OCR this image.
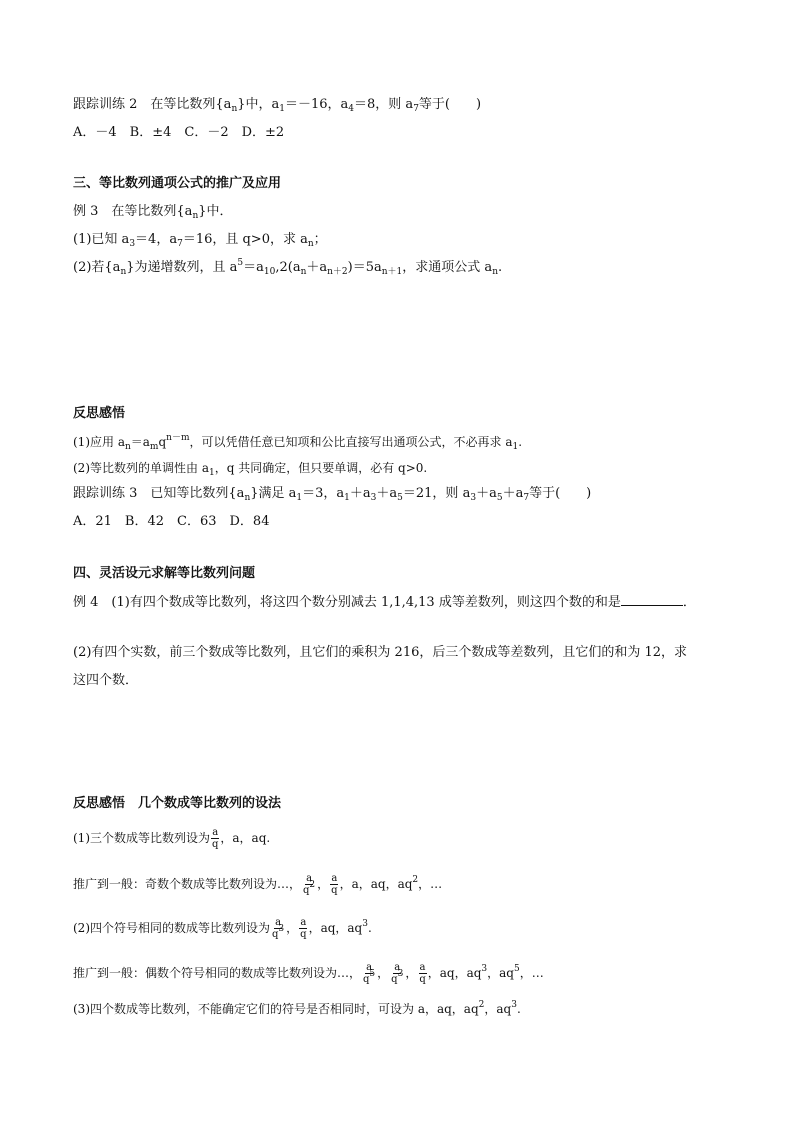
跟踪训练 2　在等比数列$\{a_n\}$中，$a_1=-16$，$a_4=8$，则 $a_7$等于(　　)
A．－4　B．±4　C．－2　D．±2
三、等比数列通项公式的推广及应用
例 3　在等比数列$\{a_n\}$中．
(1)已知 $a_3=4$，$a_7=16$，且 q>0，求 $a_n$；
(2)若$\{a_n\}$为递增数列，且 $a^5=a_{10},2(a_n+a_{n+2})=5a_{n+1}$，求通项公式 $a_n$.
反思感悟
(1)应用 $a_n=a_mq^{n-m}$，可以凭借任意已知项和公比直接写出通项公式，不必再求 $a_1$.
(2)等比数列的单调性由 $a_1$，q 共同确定，但只要单调，必有 q>0.
跟踪训练 3　已知等比数列$\{a_n\}$满足 $a_1=3$，$a_1+a_3+a_5=21$，则 $a_3+a_5+a_7$等于(　　)
A．21　B．42　C．63　D．84
四、灵活设元求解等比数列问题
例 4　(1)有四个数成等比数列，将这四个数分别减去 1,1,4,13 成等差数列，则这四个数的和是	．
(2)有四个实数，前三个数成等比数列，且它们的乘积为 216，后三个数成等差数列，且它们的和为 12，求
这四个数．
反思感悟　几个数成等比数列的设法
(1)三个数成等比数列设为 $\frac{a}{q}$ ，a，aq.
推广到一般：奇数个数成等比数列设为…， $\frac{a}{q^2}$ ， $\frac{a}{q}$ ，a，aq，$aq^2$，…
(2)四个符号相同的数成等比数列设为 $\frac{a}{q^3}$ ， $\frac{a}{q}$ ，aq，$aq^3$.
推广到一般：偶数个符号相同的数成等比数列设为…， $\frac{a}{q^5}$ ， $\frac{a}{q^3}$ ， $\frac{a}{q}$ ，aq，$aq^3$，$aq^5$，…
(3)四个数成等比数列，不能确定它们的符号是否相同时，可设为 a，aq，$aq^2$，$aq^3$.
